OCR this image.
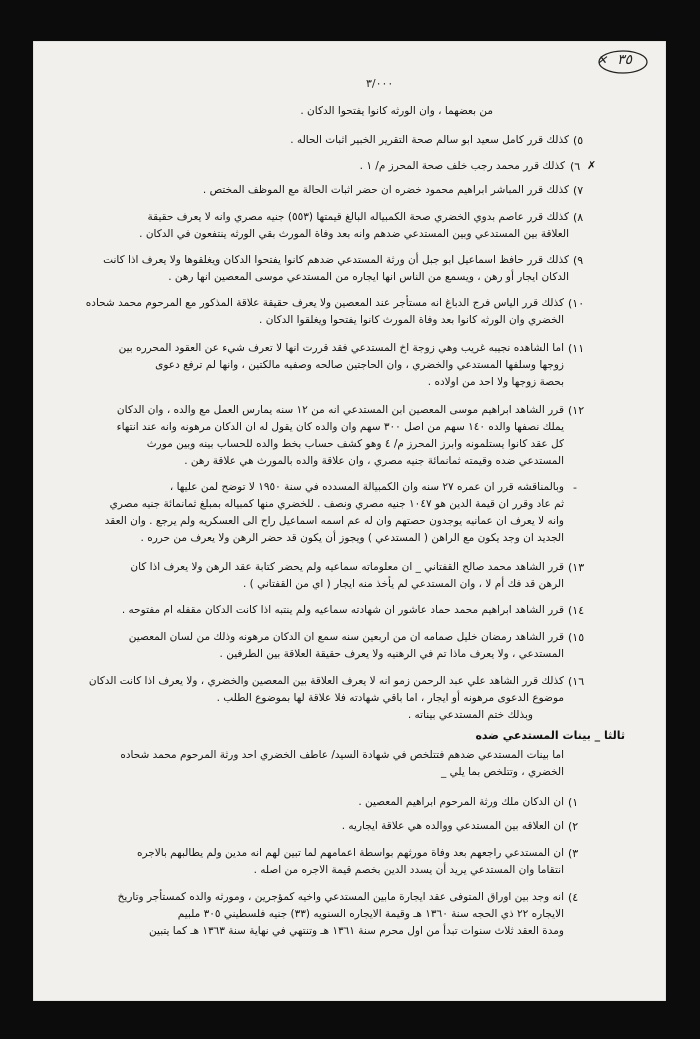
✕ ٣٥
٣/٠٠٠
من بعضهما ، وان الورثه كانوا يفتحوا الدكان .
٥)
كذلك قرر كامل سعيد ابو سالم صحة التقرير الخبير اثبات الحاله .
✗
٦)
كذلك قرر محمد رجب خلف صحة المحرز م/ ١ .
٧)
كذلك قرر المباشر ابراهيم محمود خضره ان حضر اثبات الحالة مع الموظف المختص .
٨)
كذلك قرر عاصم بدوي الخضري صحة الكمبياله البالغ قيمتها (٥٥٣) جنيه مصري وانه لا يعرف حقيقة
العلاقة بين المستدعي وبين المستدعي ضدهم وانه بعد وفاة المورث بقي الورثه ينتفعون في الدكان .
٩)
كذلك قرر حافظ اسماعيل ابو جبل أن ورثة المستدعي ضدهم كانوا يفتحوا الدكان ويغلقوها ولا يعرف اذا كانت
الدكان ايجار أو رهن ، ويسمع من الناس انها ايجاره من المستدعي موسى المعصين انها رهن .
١٠)
كذلك قرر الياس فرج الدباغ انه مستأجر عند المعصين ولا يعرف حقيقة علاقة المذكور مع المرحوم محمد شحاده
الخضري وان الورثه كانوا بعد وفاة المورث كانوا يفتحوا ويغلقوا الدكان .
١١)
اما الشاهده نجيبه غريب وهي زوجة اخ المستدعي فقد قررت انها لا تعرف شيء عن العقود المحرره بين
زوجها وسلفها المستدعي والخضري ، وان الحاجتين صالحه وصفيه مالكتين ، وانها لم ترفع دعوى
بحصة زوجها ولا احد من اولاده .
١٢)
قرر الشاهد ابراهيم موسى المعصين ابن المستدعي انه من ١٢ سنه يمارس العمل مع والده ، وان الدكان
يملك نصفها والده ١٤٠ سهم من اصل ٣٠٠ سهم وان والده كان يقول له ان الدكان مرهونه وانه عند انتهاء
كل عقد كانوا يستلمونه وابرز المحرز م/ ٤ وهو كشف حساب بخط والده للحساب بينه وبين مورث
المستدعي ضده وقيمته ثمانمائة جنيه مصري ، وان علاقة والده بالمورث هي علاقة رهن .
-
وبالمناقشه قرر ان عمره ٢٧ سنه وان الكمبيالة المسدده في سنة ١٩٥٠ لا توضح لمن عليها ،
ثم عاد وقرر ان قيمة الدين هو ١٠٤٧ جنيه مصري ونصف . للخضري منها كمبياله بمبلغ ثمانمائة جنيه مصري
وانه لا يعرف ان عمانيه يوجدون حصتهم وان له عم اسمه اسماعيل راح الى العسكريه ولم يرجع . وان العقد
الجديد ان وجد يكون مع الراهن ( المستدعي ) ويجوز أن يكون قد حضر الرهن ولا يعرف من حرره .
١٣)
قرر الشاهد محمد صالح القفتاني _ ان معلوماته سماعيه ولم يحضر كتابة عقد الرهن ولا يعرف اذا كان
الرهن قد فك أم لا ، وان المستدعي لم يأخذ منه ايجار ( اي من القفتاني ) .
١٤)
قرر الشاهد ابراهيم محمد حماد عاشور ان شهادته سماعيه ولم ينتبه اذا كانت الدكان مقفله ام مفتوحه .
١٥)
قرر الشاهد رمضان خليل صمامه ان من اربعين سنه سمع ان الدكان مرهونه وذلك من لسان المعصين
المستدعي ، ولا يعرف ماذا تم في الرهنيه ولا يعرف حقيقة العلاقة بين الطرفين .
١٦)
كذلك قرر الشاهد علي عبد الرحمن زمو انه لا يعرف العلاقة بين المعصين والخضري ، ولا يعرف اذا كانت الدكان
موضوع الدعوى مرهونه أو ايجار ، اما باقي شهادته فلا علاقة لها بموضوع الطلب .
وبذلك ختم المستدعي بيناته .
ثالثا _ بينات المستدعي ضده
اما بينات المستدعي ضدهم فتتلخص في شهادة السيد/ عاطف الخضري احد ورثة المرحوم محمد شحاده
الخضري ، وتتلخص بما يلي _
١)
ان الدكان ملك ورثة المرحوم ابراهيم المعصين .
٢)
ان العلاقه بين المستدعي ووالده هي علاقة ايجاريه .
٣)
ان المستدعي راجعهم بعد وفاة مورثهم بواسطة اعمامهم لما تبين لهم انه مدين ولم يطالبهم بالاجره
انتقاما وان المستدعي يريد أن يسدد الدين بخصم قيمة الاجره من اصله .
٤)
انه وجد بين اوراق المتوفى عقد ايجارة مابين المستدعي واخيه كمؤجرين ، ومورثه والده كمستأجر وتاريخ
الايجاره ٢٢ ذي الحجه سنة ١٣٦٠ هـ وقيمة الايجاره السنويه (٣٣) جنيه فلسطيني ٣٠٥ ملبيم
ومدة العقد ثلاث سنوات تبدأ من اول محرم سنة ١٣٦١ هـ وتنتهي في نهاية سنة ١٣٦٣ هـ كما يتبين
